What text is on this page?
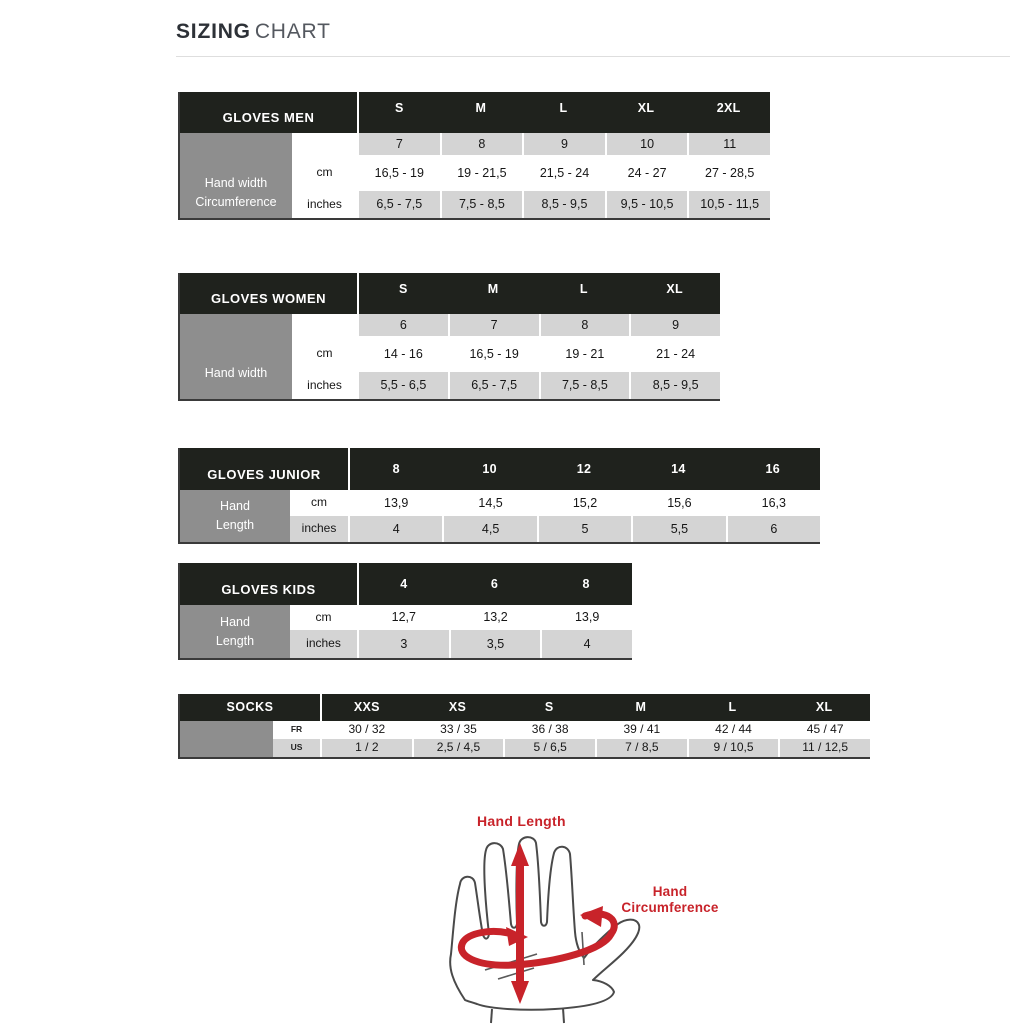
SIZING CHART
GLOVES MEN
S	M	L	XL	2XL
Hand width
Circumference
7	8	9	10	11
cm	16,5 - 19	19 - 21,5	21,5 - 24	24 - 27	27 - 28,5
inches	6,5 - 7,5	7,5 - 8,5	8,5 - 9,5	9,5 - 10,5	10,5 - 11,5
GLOVES WOMEN
S	M	L	XL
Hand width
6	7	8	9
cm	14 - 16	16,5 - 19	19 - 21	21 - 24
inches	5,5 - 6,5	6,5 - 7,5	7,5 - 8,5	8,5 - 9,5
GLOVES JUNIOR	8	10	12	14	16
Hand
Length
cm	13,9	14,5	15,2	15,6	16,3
inches	4	4,5	5	5,5	6
GLOVES KIDS	4	6	8
Hand
Length
cm	12,7	13,2	13,9
inches	3	3,5	4
SOCKS	XXS	XS	S	M	L	XL
FR	30 / 32	33 / 35	36 / 38	39 / 41	42 / 44	45 / 47
US	1 / 2	2,5 / 4,5	5 / 6,5	7 / 8,5	9 / 10,5	11 / 12,5
Hand Length
Hand
Circumference
